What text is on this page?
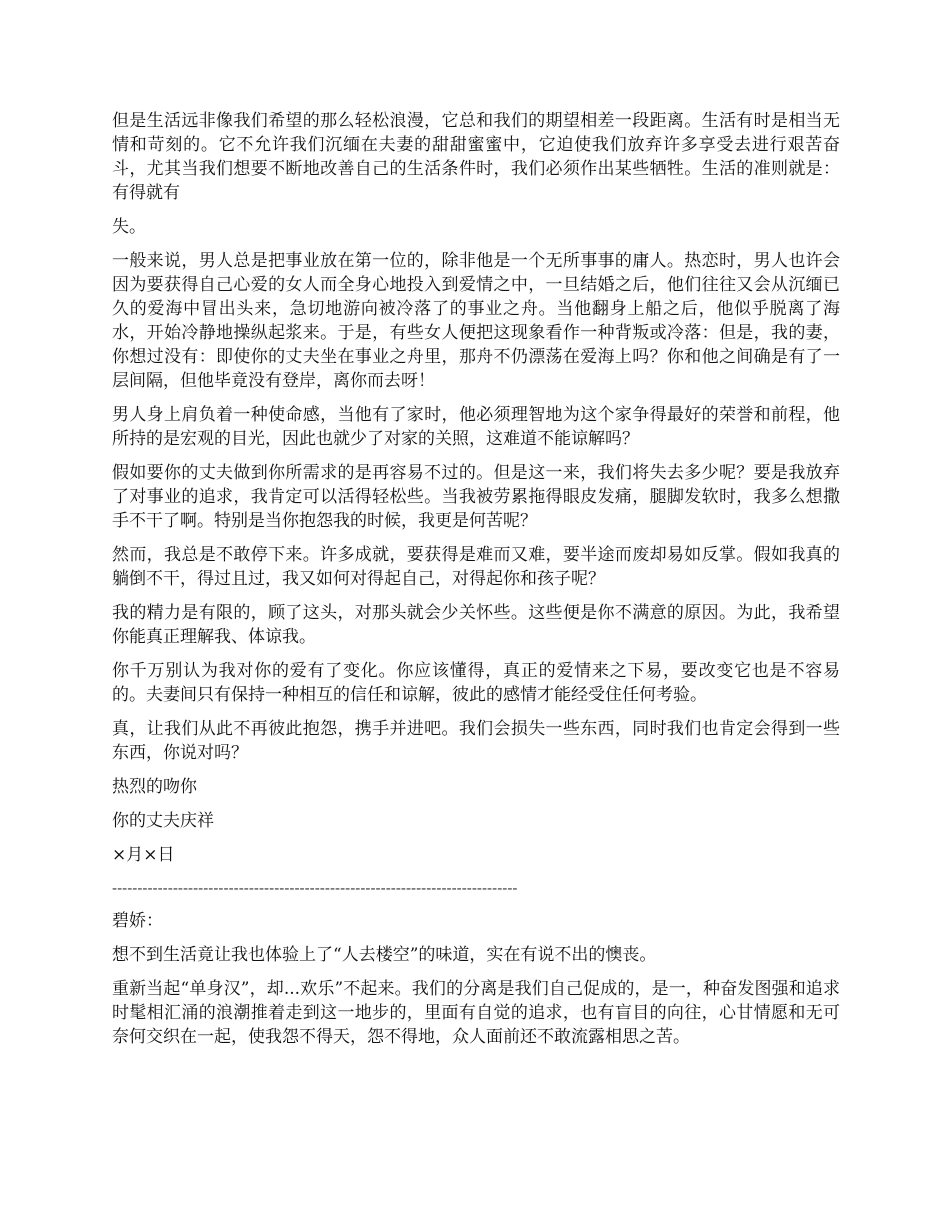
但是生活远非像我们希望的那么轻松浪漫，它总和我们的期望相差一段距离。生活有时是相当无情和苛刻的。它不允许我们沉缅在夫妻的甜甜蜜蜜中，它迫使我们放弃许多享受去进行艰苦奋斗，尤其当我们想要不断地改善自己的生活条件时，我们必须作出某些牺牲。生活的准则就是：有得就有

失。

一般来说，男人总是把事业放在第一位的，除非他是一个无所事事的庸人。热恋时，男人也许会因为要获得自己心爱的女人而全身心地投入到爱情之中，一旦结婚之后，他们往往又会从沉缅已久的爱海中冒出头来，急切地游向被冷落了的事业之舟。当他翻身上船之后，他似乎脱离了海水，开始冷静地操纵起浆来。于是，有些女人便把这现象看作一种背叛或冷落：但是，我的妻，你想过没有：即使你的丈夫坐在事业之舟里，那舟不仍漂荡在爱海上吗？你和他之间确是有了一层间隔，但他毕竟没有登岸，离你而去呀！

男人身上肩负着一种使命感，当他有了家时，他必须理智地为这个家争得最好的荣誉和前程，他所持的是宏观的目光，因此也就少了对家的关照，这难道不能谅解吗？

假如要你的丈夫做到你所需求的是再容易不过的。但是这一来，我们将失去多少呢？要是我放弃了对事业的追求，我肯定可以活得轻松些。当我被劳累拖得眼皮发痛，腿脚发软时，我多么想撒手不干了啊。特别是当你抱怨我的时候，我更是何苦呢？

然而，我总是不敢停下来。许多成就，要获得是难而又难，要半途而废却易如反掌。假如我真的躺倒不干，得过且过，我又如何对得起自己，对得起你和孩子呢？

我的精力是有限的，顾了这头，对那头就会少关怀些。这些便是你不满意的原因。为此，我希望你能真正理解我、体谅我。

你千万别认为我对你的爱有了变化。你应该懂得，真正的爱情来之下易，要改变它也是不容易的。夫妻间只有保持一种相互的信任和谅解，彼此的感情才能经受住任何考验。

真，让我们从此不再彼此抱怨，携手并进吧。我们会损失一些东西，同时我们也肯定会得到一些东西，你说对吗？

热烈的吻你

你的丈夫庆祥

×月×日

--------------------------------------------------------------------------------

碧娇：

想不到生活竟让我也体验上了“人去楼空”的味道，实在有说不出的懊丧。

重新当起“单身汉”，却...欢乐”不起来。我们的分离是我们自己促成的，是一，种奋发图强和追求时髦相汇涌的浪潮推着走到这一地步的，里面有自觉的追求，也有盲目的向往，心甘情愿和无可奈何交织在一起，使我怨不得天，怨不得地，众人面前还不敢流露相思之苦。
